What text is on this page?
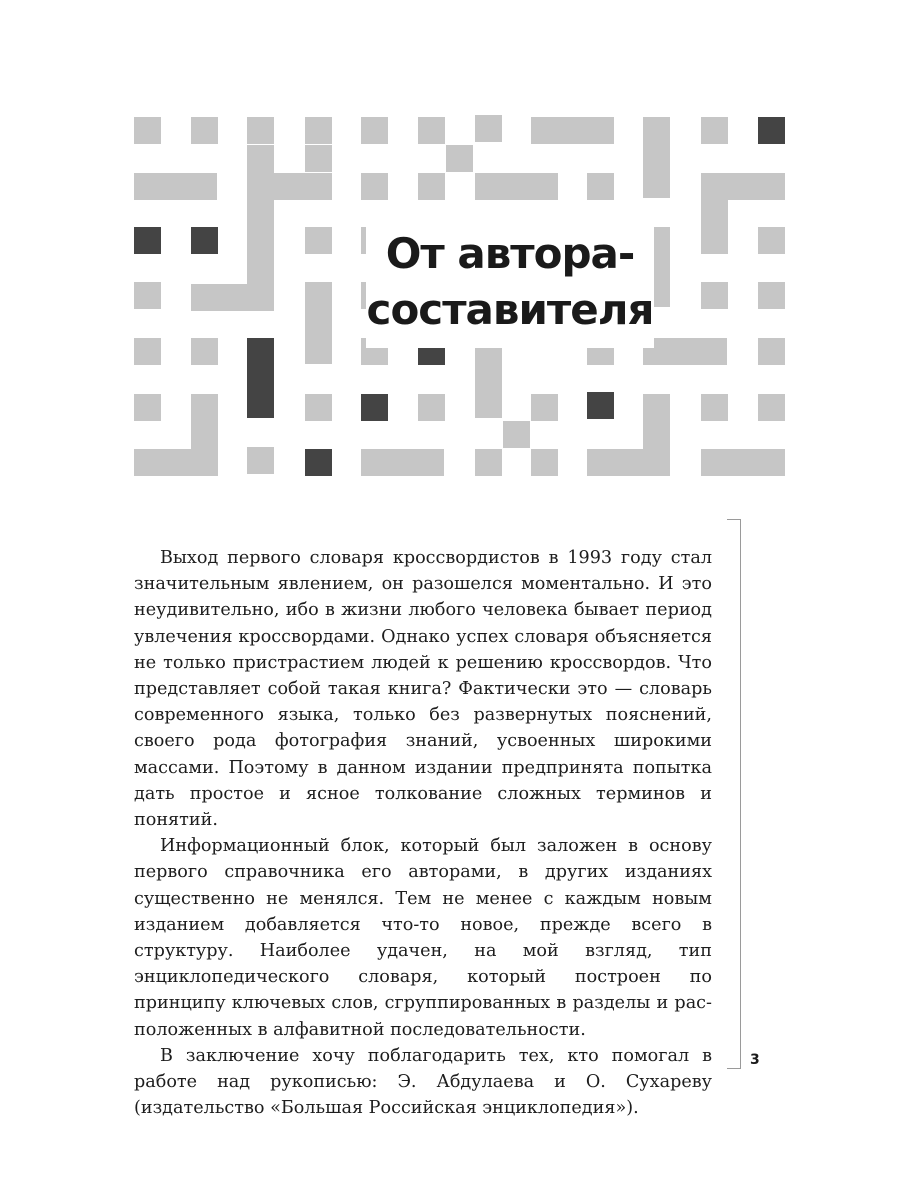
От автора-
составителя

Выход первого словаря кроссвордистов в 1993 году стал значительным явлением, он разошелся моментально. И это неудивительно, ибо в жизни любого человека бывает период увлечения кроссвордами. Однако успех словаря объясняется не только пристрастием людей к решению кроссвордов. Что представляет собой такая книга? Фактически это — словарь современного языка, только без развернутых пояснений, своего рода фотография знаний, усвоенных широкими массами. Поэтому в данном издании предпринята попытка дать простое и ясное толкование сложных терминов и понятий.

Информационный блок, который был заложен в основу первого справочника его авторами, в других изданиях существенно не менялся. Тем не менее с каждым новым изданием добавляется что-то новое, прежде всего в структуру. Наиболее удачен, на мой взгляд, тип энциклопедического словаря, который построен по принципу ключевых слов, сгруппированных в разделы и расположенных в алфавитной последовательности.

В заключение хочу поблагодарить тех, кто помогал в работе над рукописью: Э. Абдулаева и О. Сухареву (издательство «Большая Российская энциклопедия»).

3
